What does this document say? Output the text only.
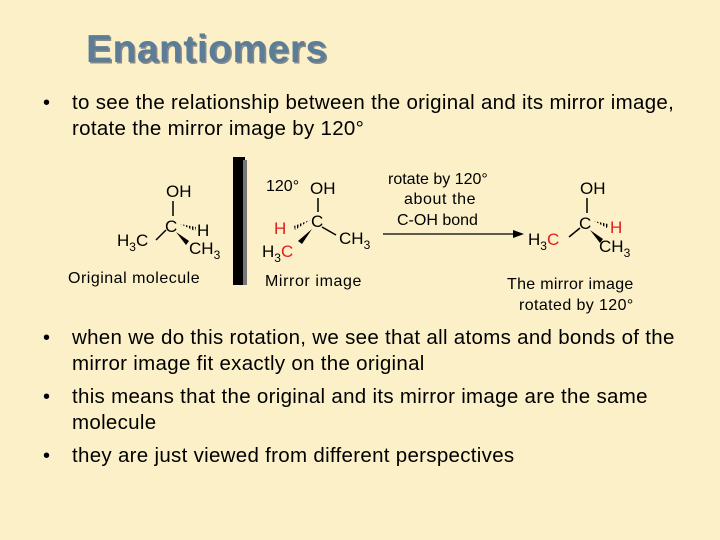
Enantiomers
• to see the relationship between the original and its mirror image, rotate the mirror image by 120°
OH
C H
$H_3C$ $CH_3$
Original molecule
120° OH
C
H
$CH_3$
$H_3C$
Mirror image
rotate by 120°
about the
C-OH bond
OH
C H
$H_3C$ $CH_3$
The mirror image
rotated by 120°
• when we do this rotation, we see that all atoms and bonds of the mirror image fit exactly on the original
• this means that the original and its mirror image are the same molecule
• they are just viewed from different perspectives
